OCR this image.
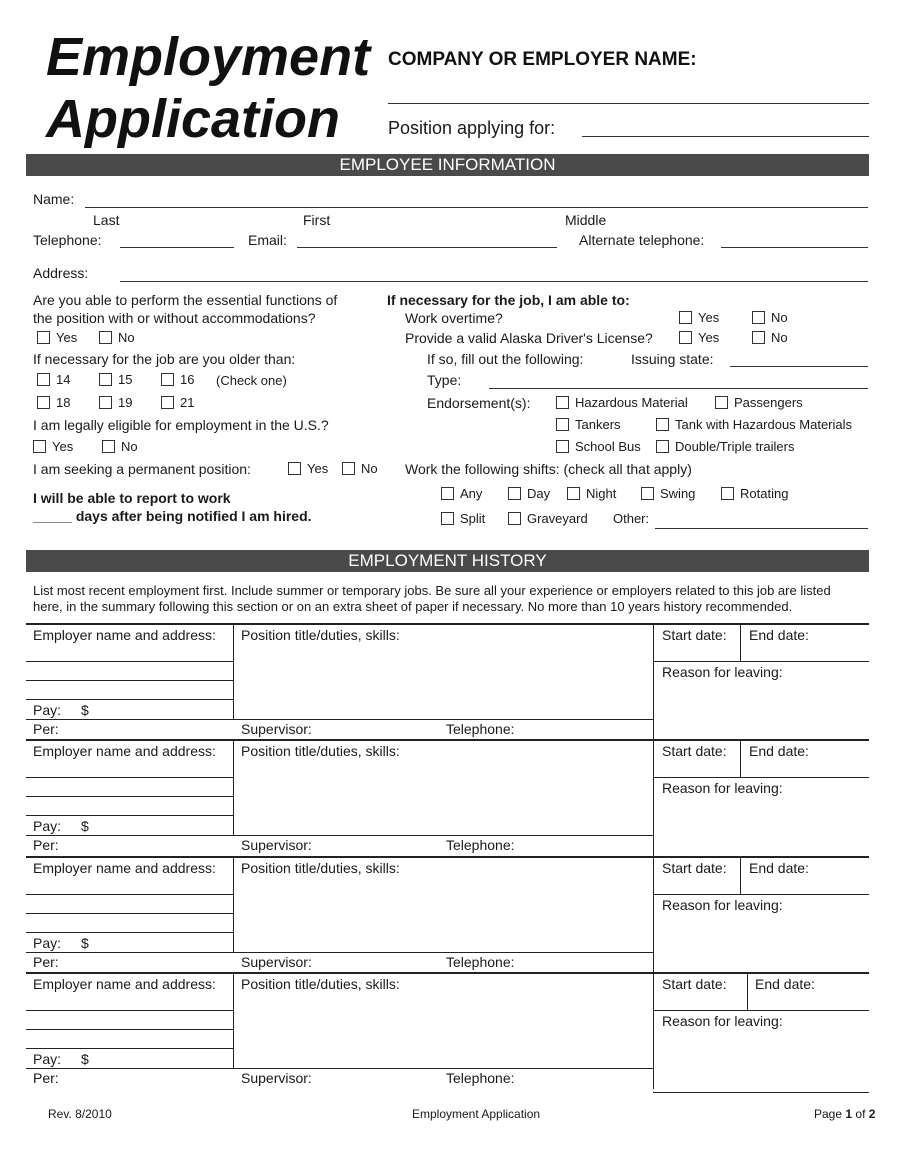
Employment
Application
COMPANY OR EMPLOYER NAME:
Position applying for:
EMPLOYEE INFORMATION
Name:
Last	First	Middle
Telephone:	Email:	Alternate telephone:
Address:
Are you able to perform the essential functions of
the position with or without accommodations?
Yes	No
If necessary for the job are you older than:
14	15	16 (Check one)
18	19	21
I am legally eligible for employment in the U.S.?
Yes	No
I am seeking a permanent position:	Yes	No
I will be able to report to work
_____ days after being notified I am hired.
If necessary for the job, I am able to:
Work overtime?	Yes	No
Provide a valid Alaska Driver's License?	Yes	No
If so, fill out the following:	Issuing state:
Type:
Endorsement(s):	Hazardous Material	Passengers
Tankers	Tank with Hazardous Materials
School Bus	Double/Triple trailers
Work the following shifts: (check all that apply)
Any	Day	Night	Swing	Rotating
Split	Graveyard Other:
EMPLOYMENT HISTORY
List most recent employment first. Include summer or temporary jobs. Be sure all your experience or employers related to this job are listed
here, in the summary following this section or on an extra sheet of paper if necessary. No more than 10 years history recommended.
Employer name and address: Position title/duties, skills:	Start date: End date:
Reason for leaving:
Pay: $
Per:	Supervisor:	Telephone:
Employer name and address: Position title/duties, skills:	Start date: End date:
Reason for leaving:
Pay: $
Per:	Supervisor:	Telephone:
Employer name and address: Position title/duties, skills:	Start date: End date:
Reason for leaving:
Pay: $
Per:	Supervisor:	Telephone:
Employer name and address: Position title/duties, skills:	Start date: End date:
Reason for leaving:
Pay: $
Per:	Supervisor:	Telephone:
Rev. 8/2010	Employment Application	Page 1 of 2
